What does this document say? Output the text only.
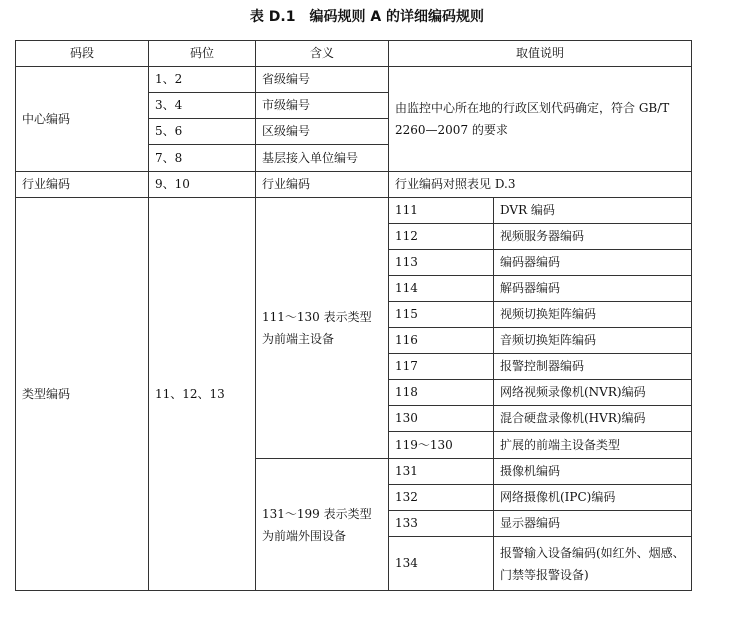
表 D.1　编码规则 A 的详细编码规则
码段	码位	含义	取值说明	
中心编码	1、2	省级编号	由监控中心所在地的行政区划代码确定，符合 GB/T 2260—2007 的要求	
	3、4	市级编号		
	5、6	区级编号		
	7、8	基层接入单位编号		
行业编码	9、10	行业编码	行业编码对照表见 D.3	
类型编码	11、12、13	111～130 表示类型为前端主设备	111	DVR 编码
			112	视频服务器编码
			113	编码器编码
			114	解码器编码
			115	视频切换矩阵编码
			116	音频切换矩阵编码
			117	报警控制器编码
			118	网络视频录像机(NVR)编码
			130	混合硬盘录像机(HVR)编码
			119～130	扩展的前端主设备类型
		131～199 表示类型为前端外围设备	131	摄像机编码
			132	网络摄像机(IPC)编码
			133	显示器编码
			134	报警输入设备编码(如红外、烟感、门禁等报警设备)
